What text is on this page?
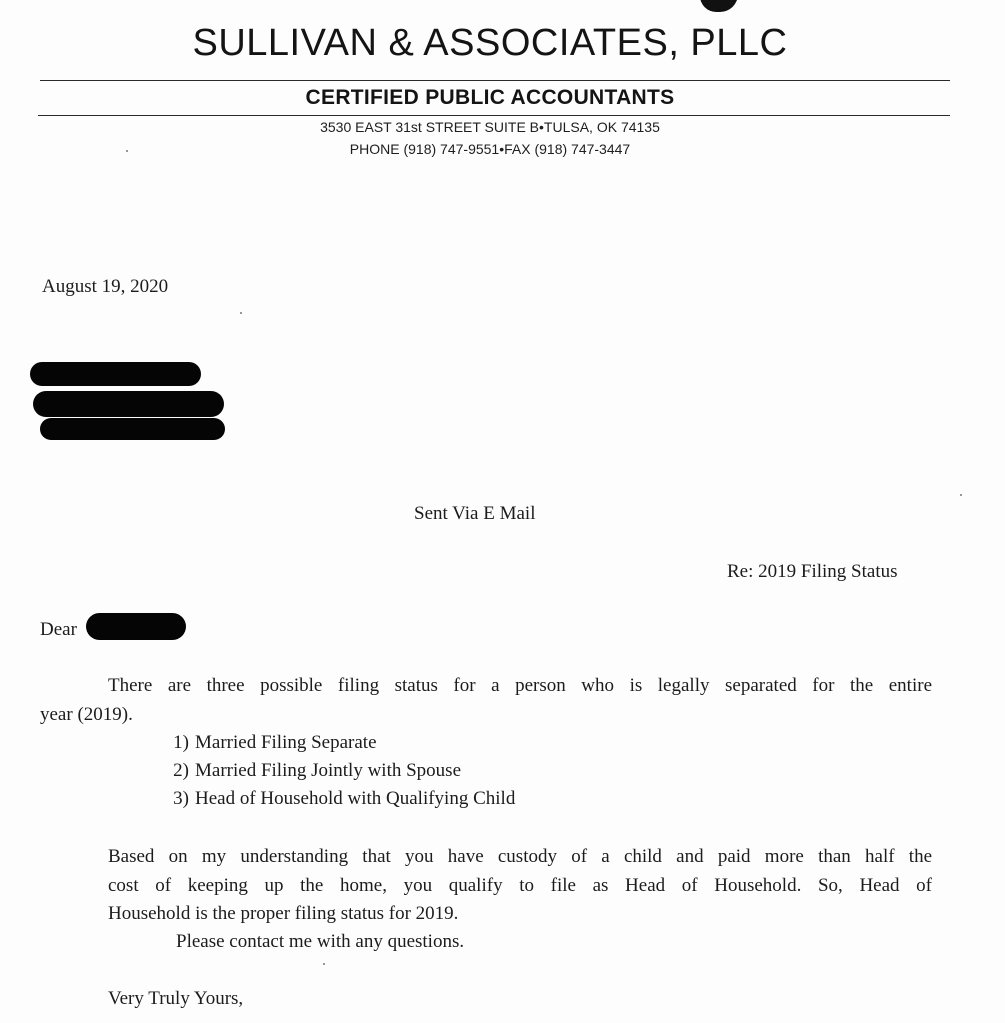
SULLIVAN & ASSOCIATES, PLLC
CERTIFIED PUBLIC ACCOUNTANTS
3530 EAST 31st STREET SUITE B•TULSA, OK 74135
PHONE (918) 747-9551•FAX (918) 747-3447
August 19, 2020
Sent Via E Mail
Re: 2019 Filing Status
Dear
There are three possible filing status for a person who is legally separated for the entire
year (2019).
1) Married Filing Separate
2) Married Filing Jointly with Spouse
3) Head of Household with Qualifying Child
Based on my understanding that you have custody of a child and paid more than half the
cost of keeping up the home, you qualify to file as Head of Household. So, Head of
Household is the proper filing status for 2019.
Please contact me with any questions.
Very Truly Yours,
